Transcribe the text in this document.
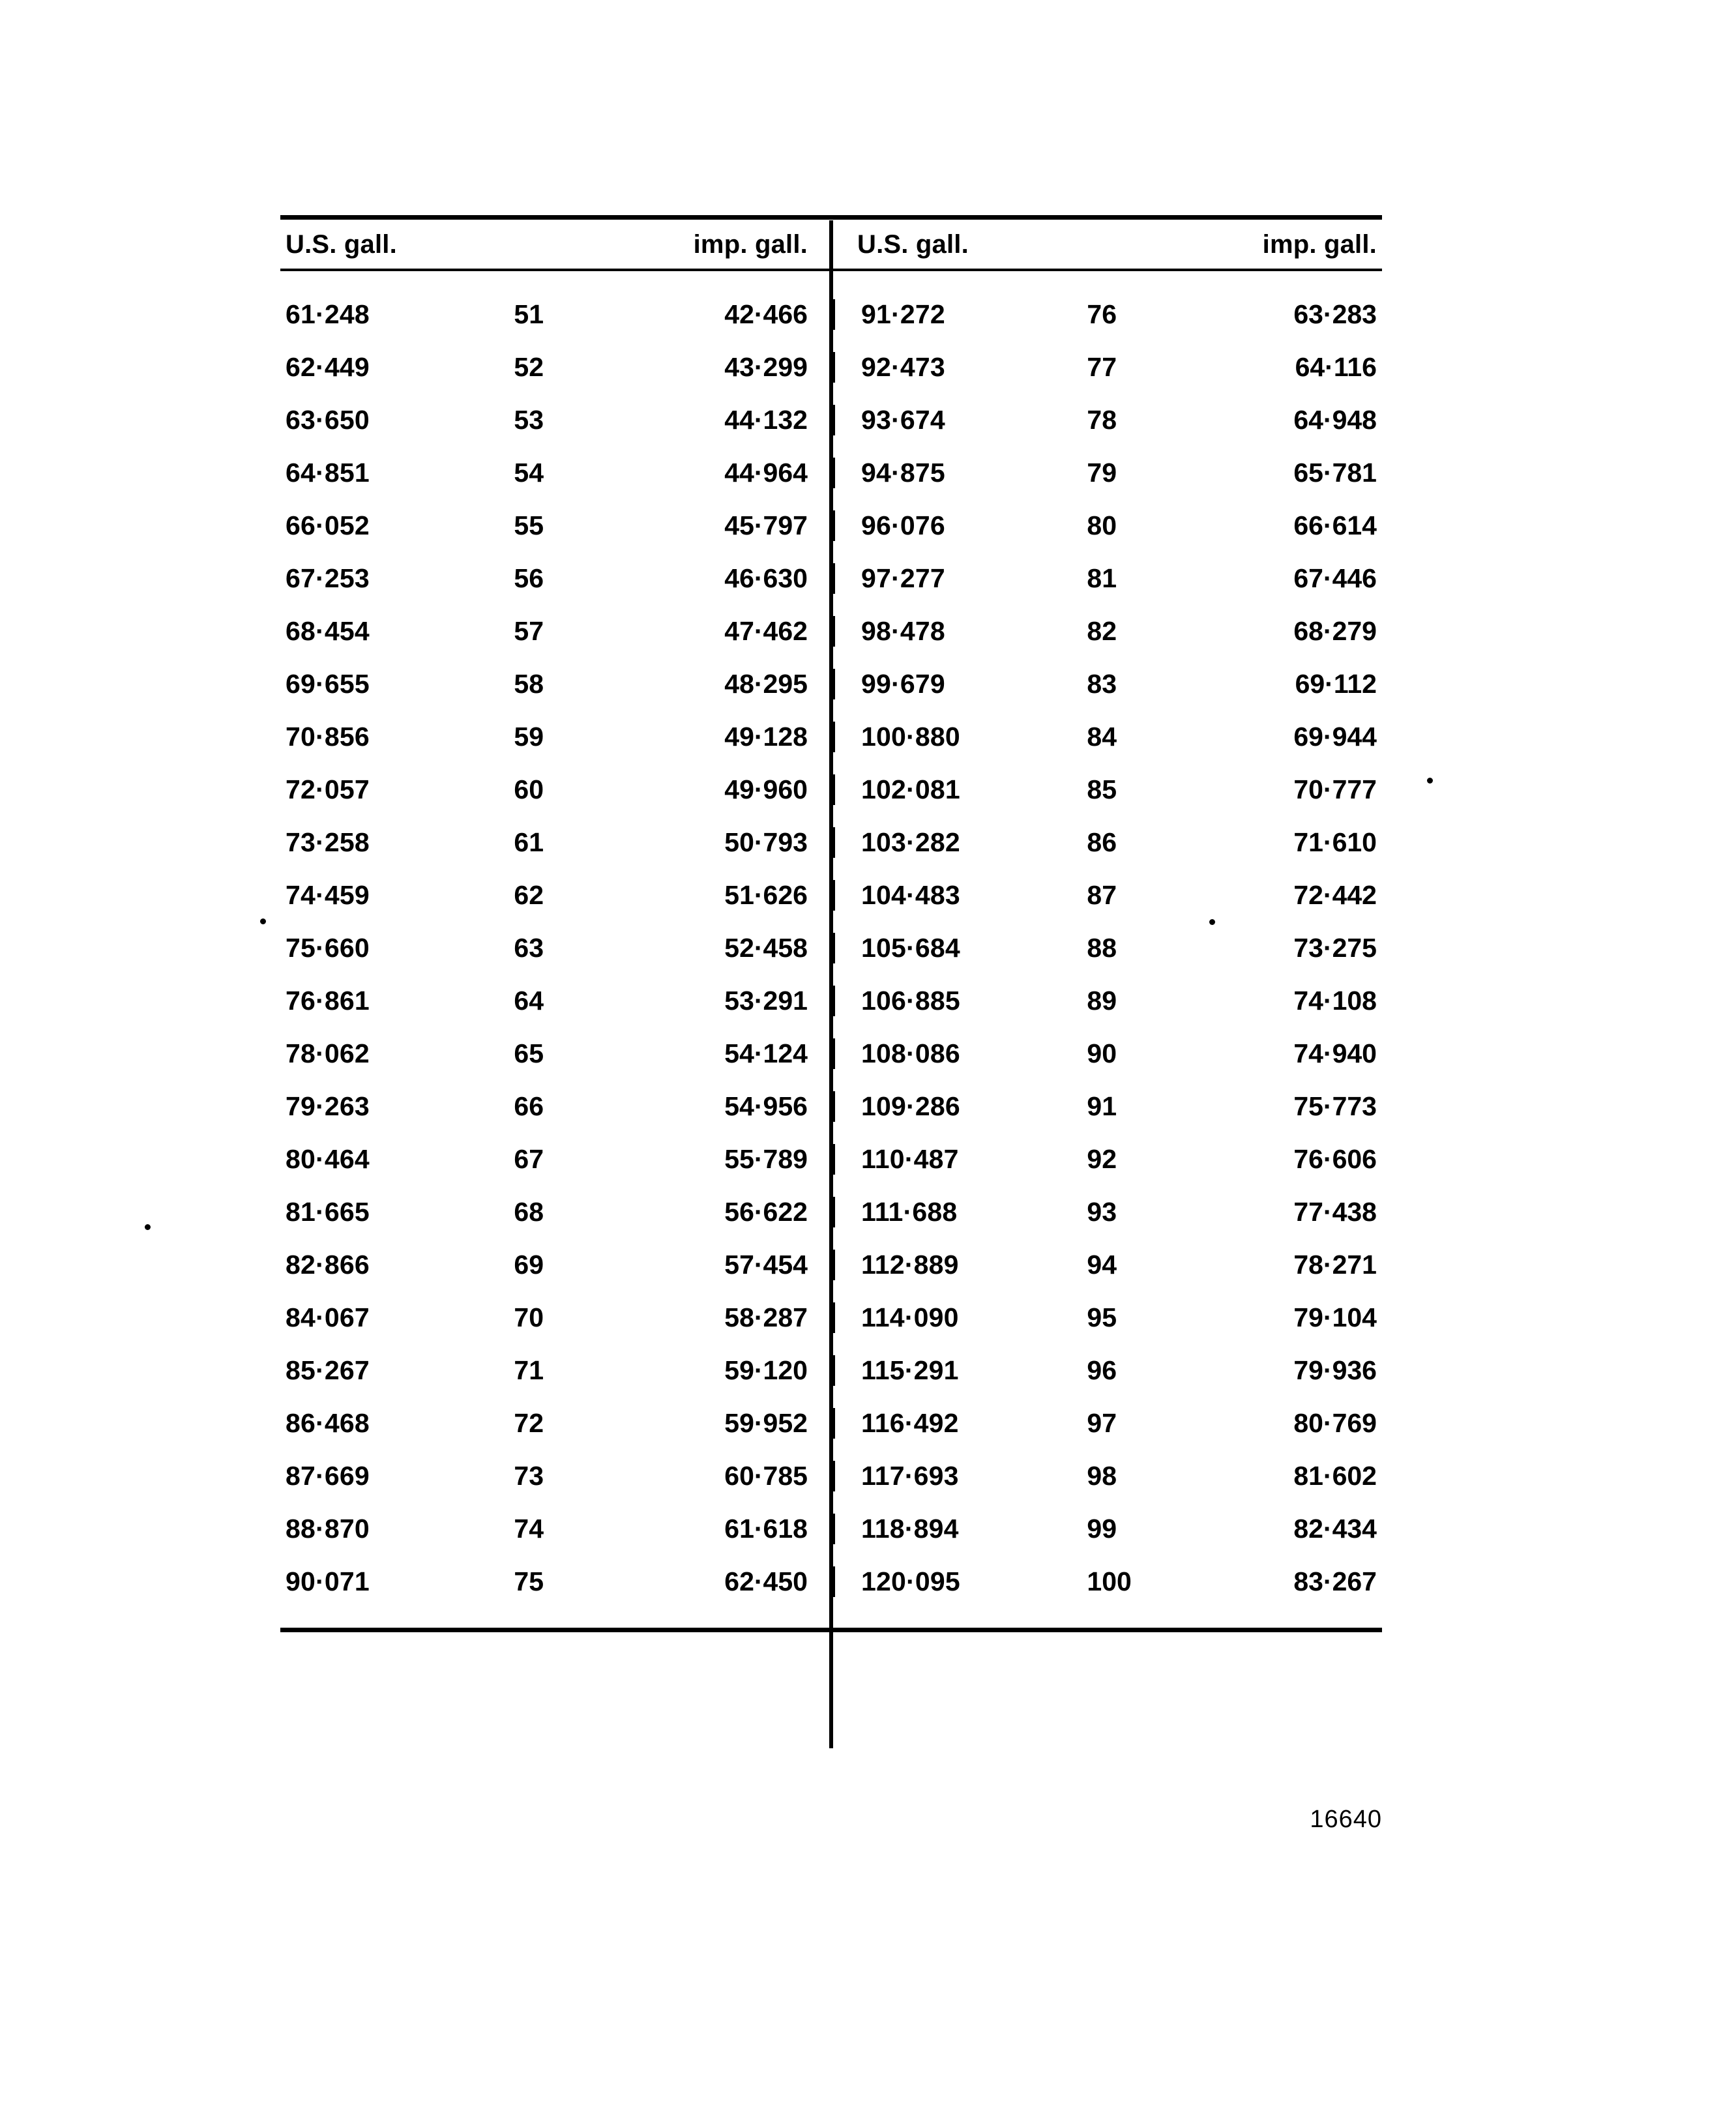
U.S. gall.	imp. gall. U.S. gall.	imp. gall.
61·248	51	42·466 91·272	76	63·283
62·449	52	43·299 92·473	77	64·116
63·650	53	44·132 93·674	78	64·948
64·851	54	44·964 94·875	79	65·781
66·052	55	45·797 96·076	80	66·614
67·253	56	46·630 97·277	81	67·446
68·454	57	47·462 98·478	82	68·279
69·655	58	48·295 99·679	83	69·112
70·856	59	49·128 100·880	84	69·944
72·057	60	49·960 102·081	85	70·777
73·258	61	50·793 103·282	86	71·610
74·459	62	51·626 104·483	87	72·442
75·660	63	52·458 105·684	88	73·275
76·861	64	53·291 106·885	89	74·108
78·062	65	54·124 108·086	90	74·940
79·263	66	54·956 109·286	91	75·773
80·464	67	55·789 110·487	92	76·606
81·665	68	56·622 111·688	93	77·438
82·866	69	57·454 112·889	94	78·271
84·067	70	58·287 114·090	95	79·104
85·267	71	59·120 115·291	96	79·936
86·468	72	59·952 116·492	97	80·769
87·669	73	60·785 117·693	98	81·602
88·870	74	61·618 118·894	99	82·434
90·071	75	62·450 120·095	100	83·267
16640
